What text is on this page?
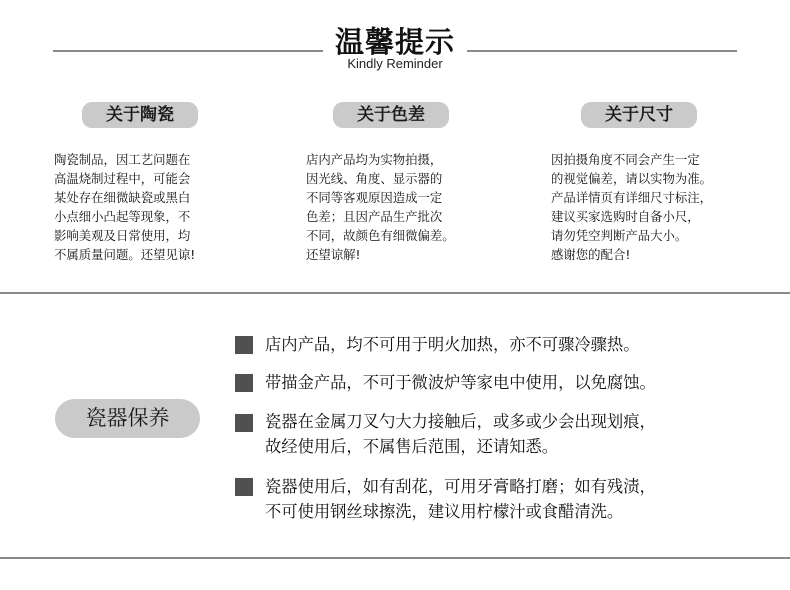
温馨提示
Kindly Reminder
关于陶瓷
陶瓷制品，因工艺问题在
高温烧制过程中，可能会
某处存在细微缺瓷或黑白
小点细小凸起等现象，不
影响美观及日常使用，均
不属质量问题。还望见谅!
关于色差
店内产品均为实物拍摄，
因光线、角度、显示器的
不同等客观原因造成一定
色差；且因产品生产批次
不同，故颜色有细微偏差。
还望谅解!
关于尺寸
因拍摄角度不同会产生一定
的视觉偏差，请以实物为准。
产品详情页有详细尺寸标注，
建议买家选购时自备小尺，
请勿凭空判断产品大小。
感谢您的配合!
瓷器保养
店内产品，均不可用于明火加热，亦不可骤冷骤热。
带描金产品，不可于微波炉等家电中使用，以免腐蚀。
瓷器在金属刀叉勺大力接触后，或多或少会出现划痕，
故经使用后，不属售后范围，还请知悉。
瓷器使用后，如有刮花，可用牙膏略打磨；如有残渍，
不可使用钢丝球擦洗，建议用柠檬汁或食醋清洗。
